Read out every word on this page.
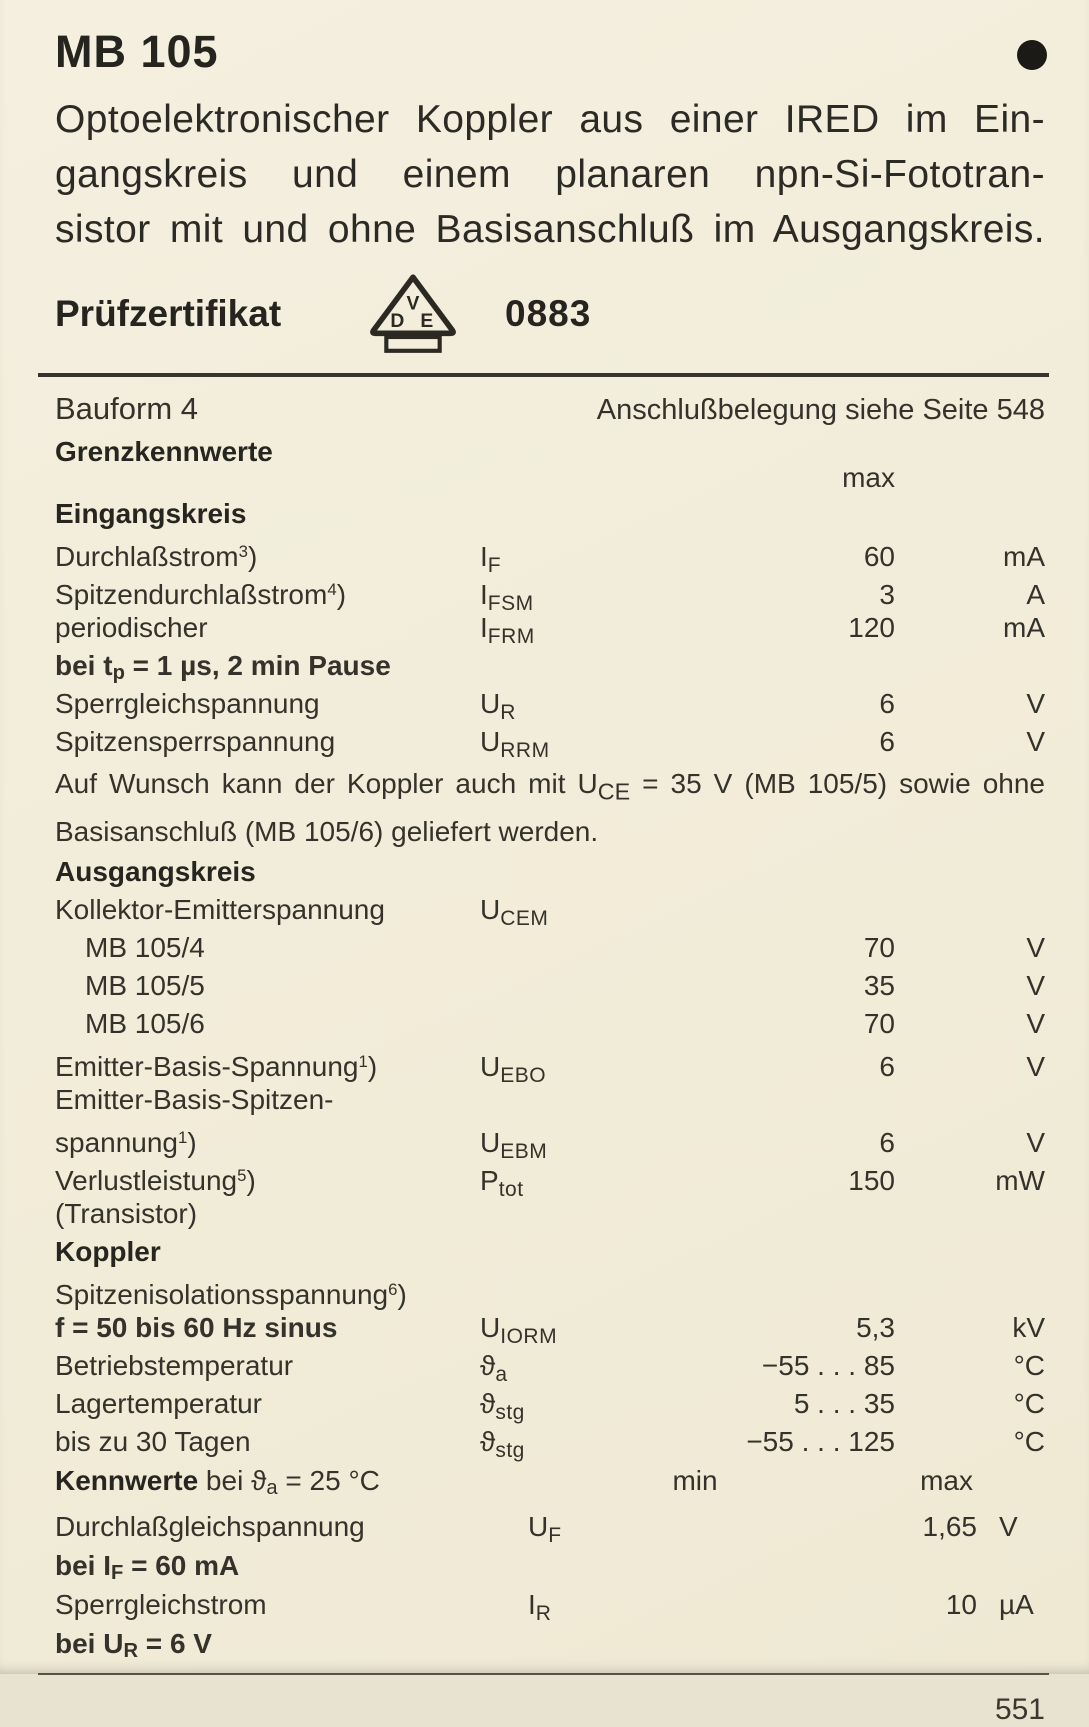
MB 105

Optoelektronischer Koppler aus einer IRED im Ein-
gangskreis und einem planaren npn-Si-Fototran-
sistor mit und ohne Basisanschluß im Ausgangskreis.

Prüfzertifikat	V
D E 0883
Bauform 4	Anschlußbelegung siehe Seite 548
Grenzkennwerte
max
Eingangskreis
Durchlaßstrom$^3$)	$I_F$	60	mA
Spitzendurchlaßstrom$^4$)	$I_{FSM}$	3	A
periodischer	$I_{FRM}$	120	mA
bei $t_p = 1$ µs, 2 min Pause
Sperrgleichspannung	$U_R$	6	V
Spitzensperrspannung	$U_{RRM}$	6	V
Auf Wunsch kann der Koppler auch mit $U_{CE} = 35$ V (MB 105/5) sowie ohne
Basisanschluß (MB 105/6) geliefert werden.
Ausgangskreis
Kollektor-Emitterspannung	$U_{CEM}$
MB 105/4	70	V
MB 105/5	35	V
MB 105/6	70	V
Emitter-Basis-Spannung$^1$)	$U_{EBO}$	6	V
Emitter-Basis-Spitzen-
spannung$^1$)	$U_{EBM}$	6	V
Verlustleistung$^5$)	$P_{tot}$	150	mW
(Transistor)
Koppler
Spitzenisolationsspannung$^6$)
f = 50 bis 60 Hz sinus	$U_{IORM}$	5,3	kV
Betriebstemperatur	$ϑ_a$	−55 . . . 85	°C
Lagertemperatur	$ϑ_{stg}$	5 . . . 35	°C
bis zu 30 Tagen	$ϑ_{stg}$	−55 . . . 125	°C
Kennwerte bei $ϑ_a = 25$ °C	min	max
Durchlaßgleichspannung	$U_F$	1,65 V
bei $I_F = 60$ mA
Sperrgleichstrom	$I_R$	10 µA
bei $U_R = 6$ V
551
